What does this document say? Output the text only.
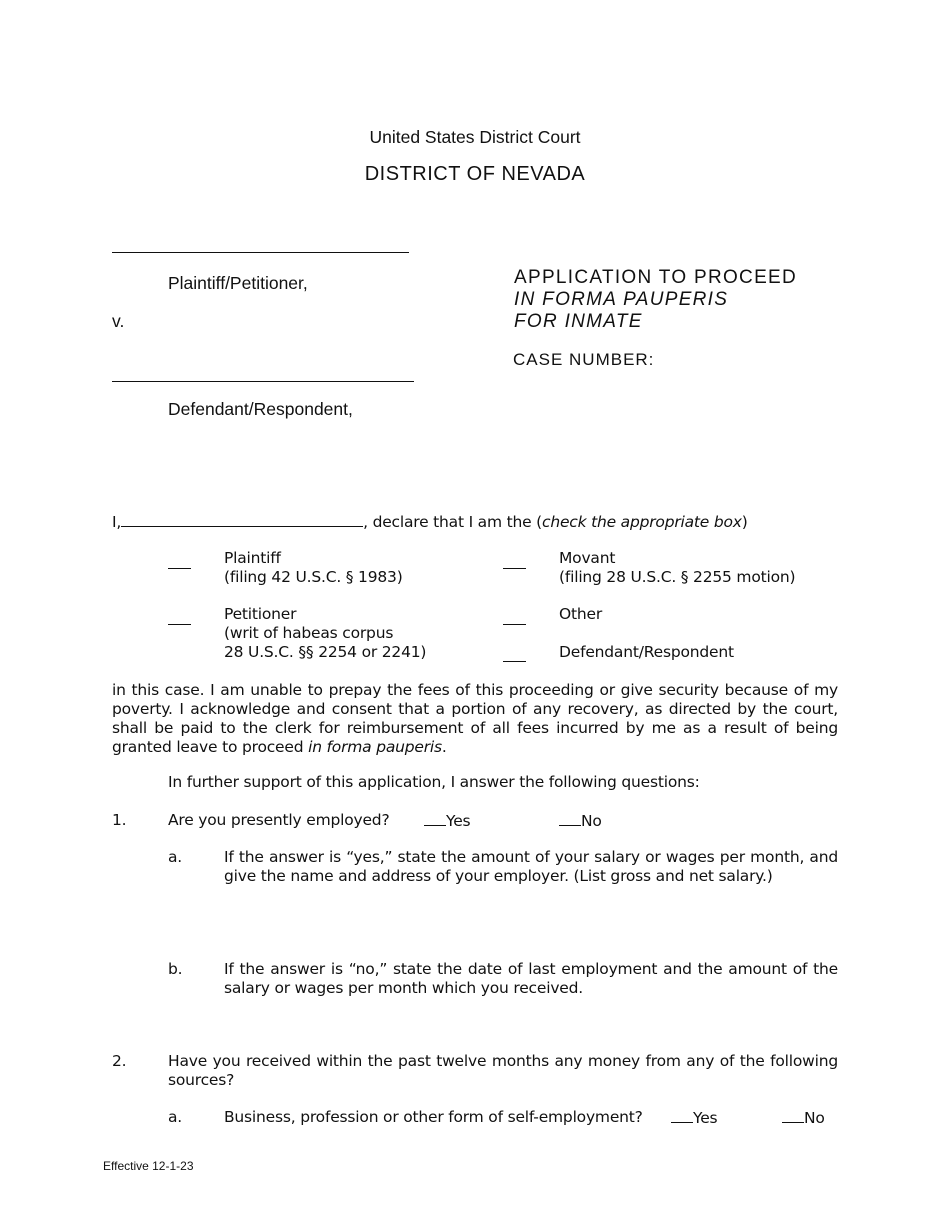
United States District Court
DISTRICT OF NEVADA
Plaintiff/Petitioner,
v.
Defendant/Respondent,
APPLICATION TO PROCEED
IN FORMA PAUPERIS
FOR INMATE
CASE NUMBER:
I,	, declare that I am the (check the appropriate box)
Plaintiff
(filing 42 U.S.C. § 1983)
Movant
(filing 28 U.S.C. § 2255 motion)
Petitioner
(writ of habeas corpus
28 U.S.C. §§ 2254 or 2241)
Other
Defendant/Respondent
in this case. I am unable to prepay the fees of this proceeding or give security because of my poverty. I acknowledge and consent that a portion of any recovery, as directed by the court, shall be paid to the clerk for reimbursement of all fees incurred by me as a result of being granted leave to proceed in forma pauperis.
In further support of this application, I answer the following questions:
1.	Are you presently employed?	Yes	No
a.	If the answer is “yes,” state the amount of your salary or wages per month, and give the name and address of your employer. (List gross and net salary.)
b.	If the answer is “no,” state the date of last employment and the amount of the salary or wages per month which you received.
2.	Have you received within the past twelve months any money from any of the following sources?
a.	Business, profession or other form of self-employment?	Yes	No
Effective 12-1-23
